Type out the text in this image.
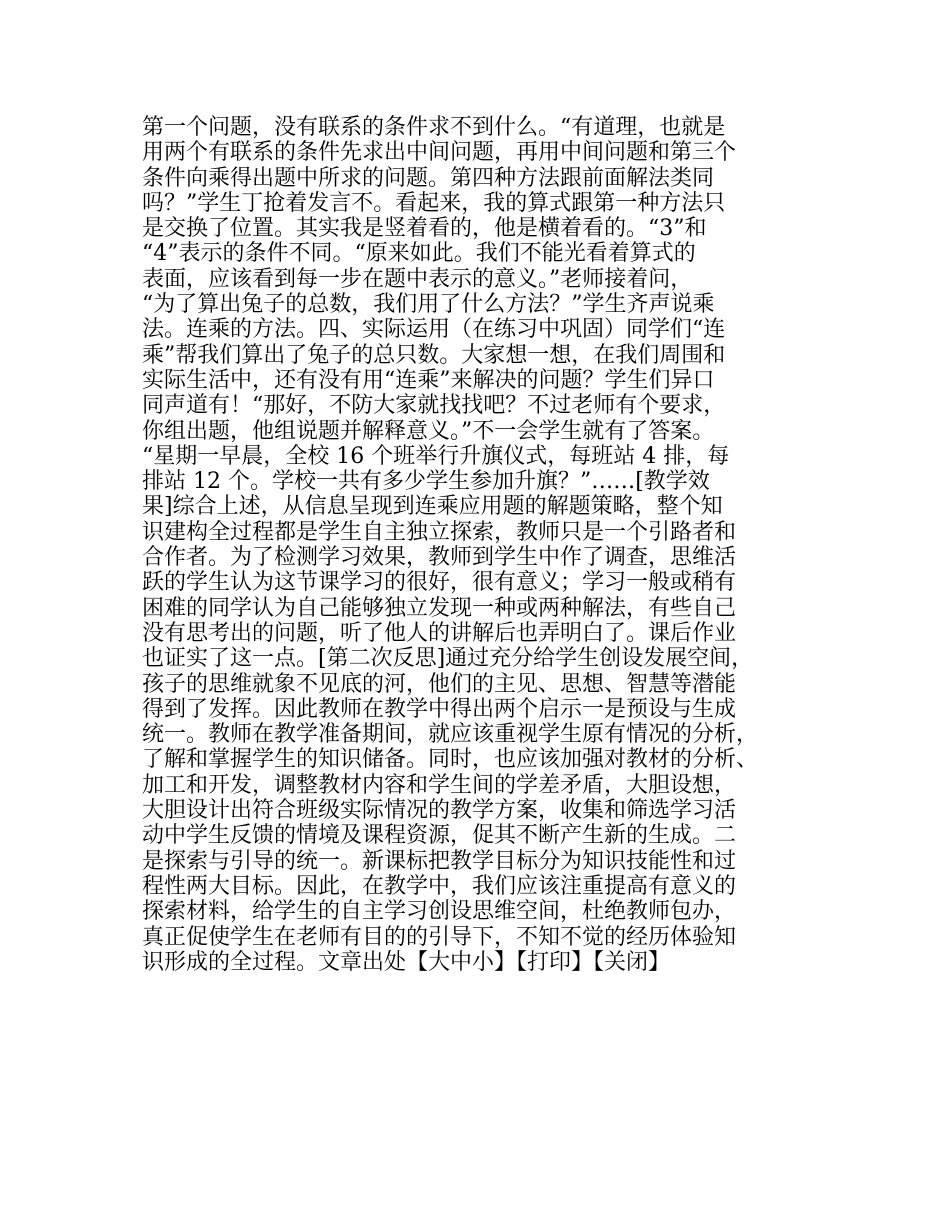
第一个问题，没有联系的条件求不到什么。“有道理，也就是
用两个有联系的条件先求出中间问题，再用中间问题和第三个
条件向乘得出题中所求的问题。第四种方法跟前面解法类同
吗？”学生丁抢着发言不。看起来，我的算式跟第一种方法只
是交换了位置。其实我是竖着看的，他是横着看的。“3”和
“4”表示的条件不同。“原来如此。我们不能光看着算式的
表面，应该看到每一步在题中表示的意义。”老师接着问，
“为了算出兔子的总数，我们用了什么方法？”学生齐声说乘
法。连乘的方法。四、实际运用（在练习中巩固）同学们“连
乘”帮我们算出了兔子的总只数。大家想一想，在我们周围和
实际生活中，还有没有用“连乘”来解决的问题？学生们异口
同声道有！“那好，不防大家就找找吧？不过老师有个要求，
你组出题，他组说题并解释意义。”不一会学生就有了答案。
“星期一早晨，全校 16 个班举行升旗仪式，每班站 4 排，每
排站 12 个。学校一共有多少学生参加升旗？”……[教学效
果]综合上述，从信息呈现到连乘应用题的解题策略，整个知
识建构全过程都是学生自主独立探索，教师只是一个引路者和
合作者。为了检测学习效果，教师到学生中作了调查，思维活
跃的学生认为这节课学习的很好，很有意义；学习一般或稍有
困难的同学认为自己能够独立发现一种或两种解法，有些自己
没有思考出的问题，听了他人的讲解后也弄明白了。课后作业
也证实了这一点。[第二次反思]通过充分给学生创设发展空间，
孩子的思维就象不见底的河，他们的主见、思想、智慧等潜能
得到了发挥。因此教师在教学中得出两个启示一是预设与生成
统一。教师在教学准备期间，就应该重视学生原有情况的分析，
了解和掌握学生的知识储备。同时，也应该加强对教材的分析、
加工和开发，调整教材内容和学生间的学差矛盾，大胆设想，
大胆设计出符合班级实际情况的教学方案，收集和筛选学习活
动中学生反馈的情境及课程资源，促其不断产生新的生成。二
是探索与引导的统一。新课标把教学目标分为知识技能性和过
程性两大目标。因此，在教学中，我们应该注重提高有意义的
探索材料，给学生的自主学习创设思维空间，杜绝教师包办，
真正促使学生在老师有目的的引导下，不知不觉的经历体验知
识形成的全过程。文章出处【大中小】【打印】【关闭】
